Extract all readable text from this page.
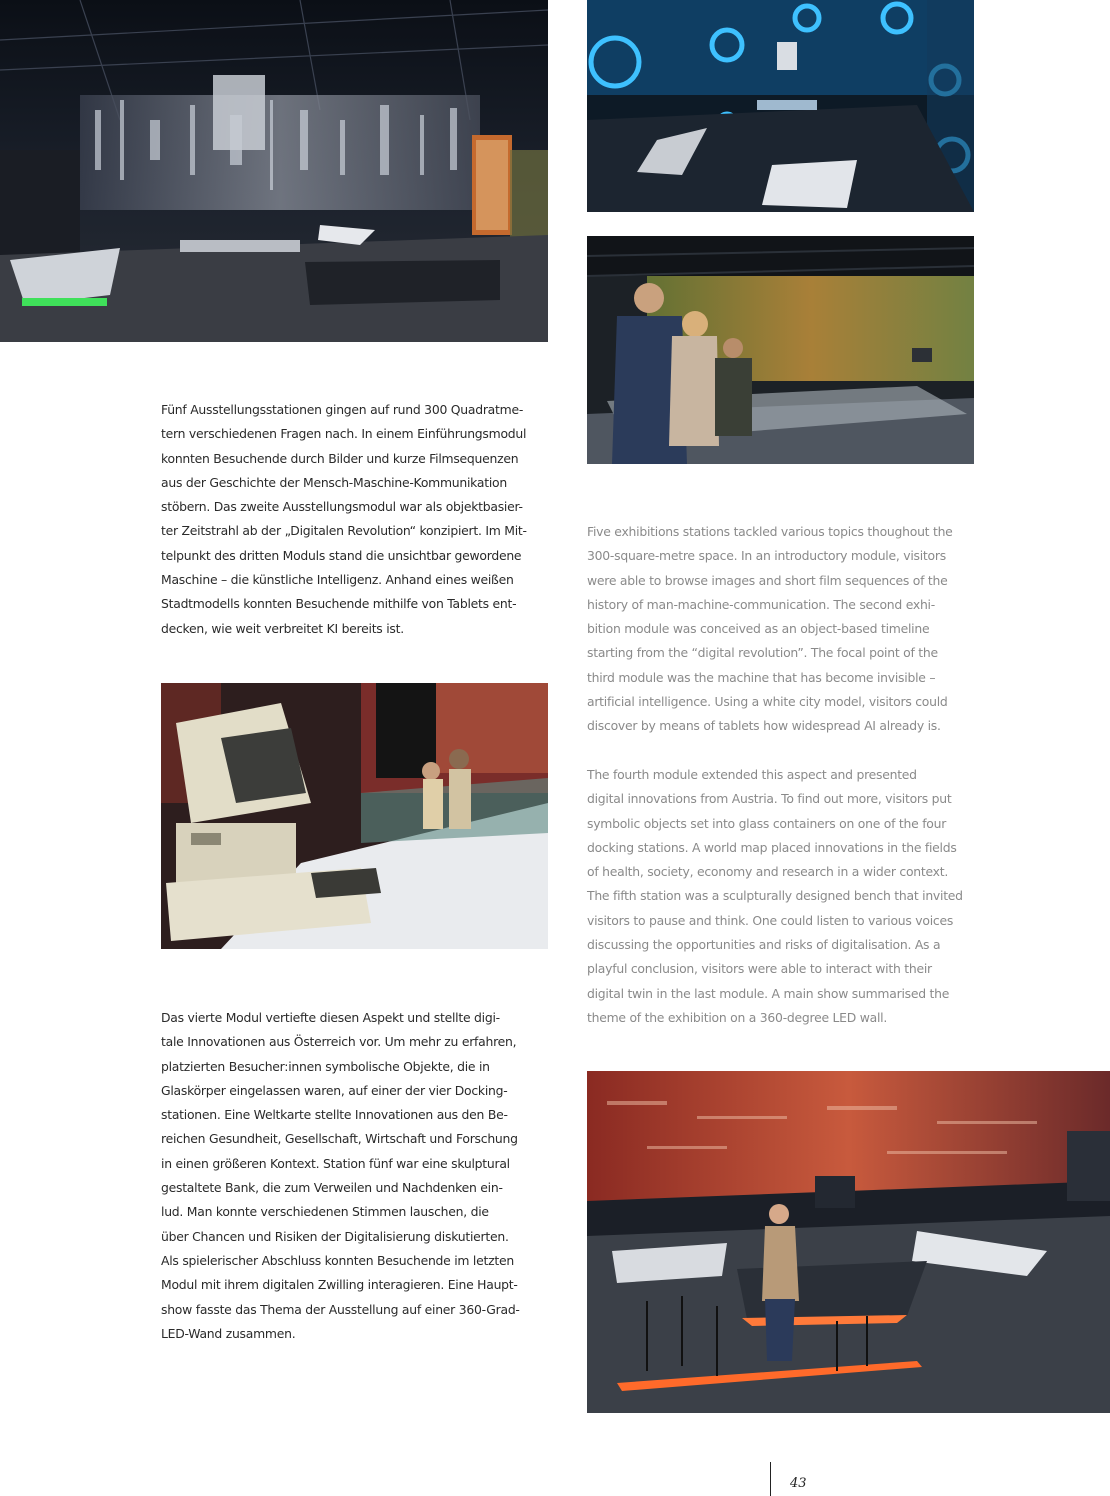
Fünf Ausstellungsstationen gingen auf rund 300 Quadratme-
tern verschiedenen Fragen nach. In einem Einführungsmodul
konnten Besuchende durch Bilder und kurze Filmsequenzen
aus der Geschichte der Mensch-Maschine-Kommunikation
stöbern. Das zweite Ausstellungsmodul war als objektbasier-
ter Zeitstrahl ab der „Digitalen Revolution“ konzipiert. Im Mit-
telpunkt des dritten Moduls stand die unsichtbar gewordene
Maschine – die künstliche Intelligenz. Anhand eines weißen
Stadtmodells konnten Besuchende mithilfe von Tablets ent-
decken, wie weit verbreitet KI bereits ist.
Das vierte Modul vertiefte diesen Aspekt und stellte digi-
tale Innovationen aus Österreich vor. Um mehr zu erfahren,
platzierten Besucher:innen symbolische Objekte, die in
Glaskörper eingelassen waren, auf einer der vier Docking-
stationen. Eine Weltkarte stellte Innovationen aus den Be-
reichen Gesundheit, Gesellschaft, Wirtschaft und Forschung
in einen größeren Kontext. Station fünf war eine skulptural
gestaltete Bank, die zum Verweilen und Nachdenken ein-
lud. Man konnte verschiedenen Stimmen lauschen, die
über Chancen und Risiken der Digitalisierung diskutierten.
Als spielerischer Abschluss konnten Besuchende im letzten
Modul mit ihrem digitalen Zwilling interagieren. Eine Haupt-
show fasste das Thema der Ausstellung auf einer 360-Grad-
LED-Wand zusammen.
Five exhibitions stations tackled various topics thoughout the
300-square-metre space. In an introductory module, visitors
were able to browse images and short film sequences of the
history of man-machine-communication. The second exhi-
bition module was conceived as an object-based timeline
starting from the “digital revolution”. The focal point of the
third module was the machine that has become invisible –
artificial intelligence. Using a white city model, visitors could
discover by means of tablets how widespread AI already is.
The fourth module extended this aspect and presented
digital innovations from Austria. To find out more, visitors put
symbolic objects set into glass containers on one of the four
docking stations. A world map placed innovations in the fields
of health, society, economy and research in a wider context.
The fifth station was a sculpturally designed bench that invited
visitors to pause and think. One could listen to various voices
discussing the opportunities and risks of digitalisation. As a
playful conclusion, visitors were able to interact with their
digital twin in the last module. A main show summarised the
theme of the exhibition on a 360-degree LED wall.
43
